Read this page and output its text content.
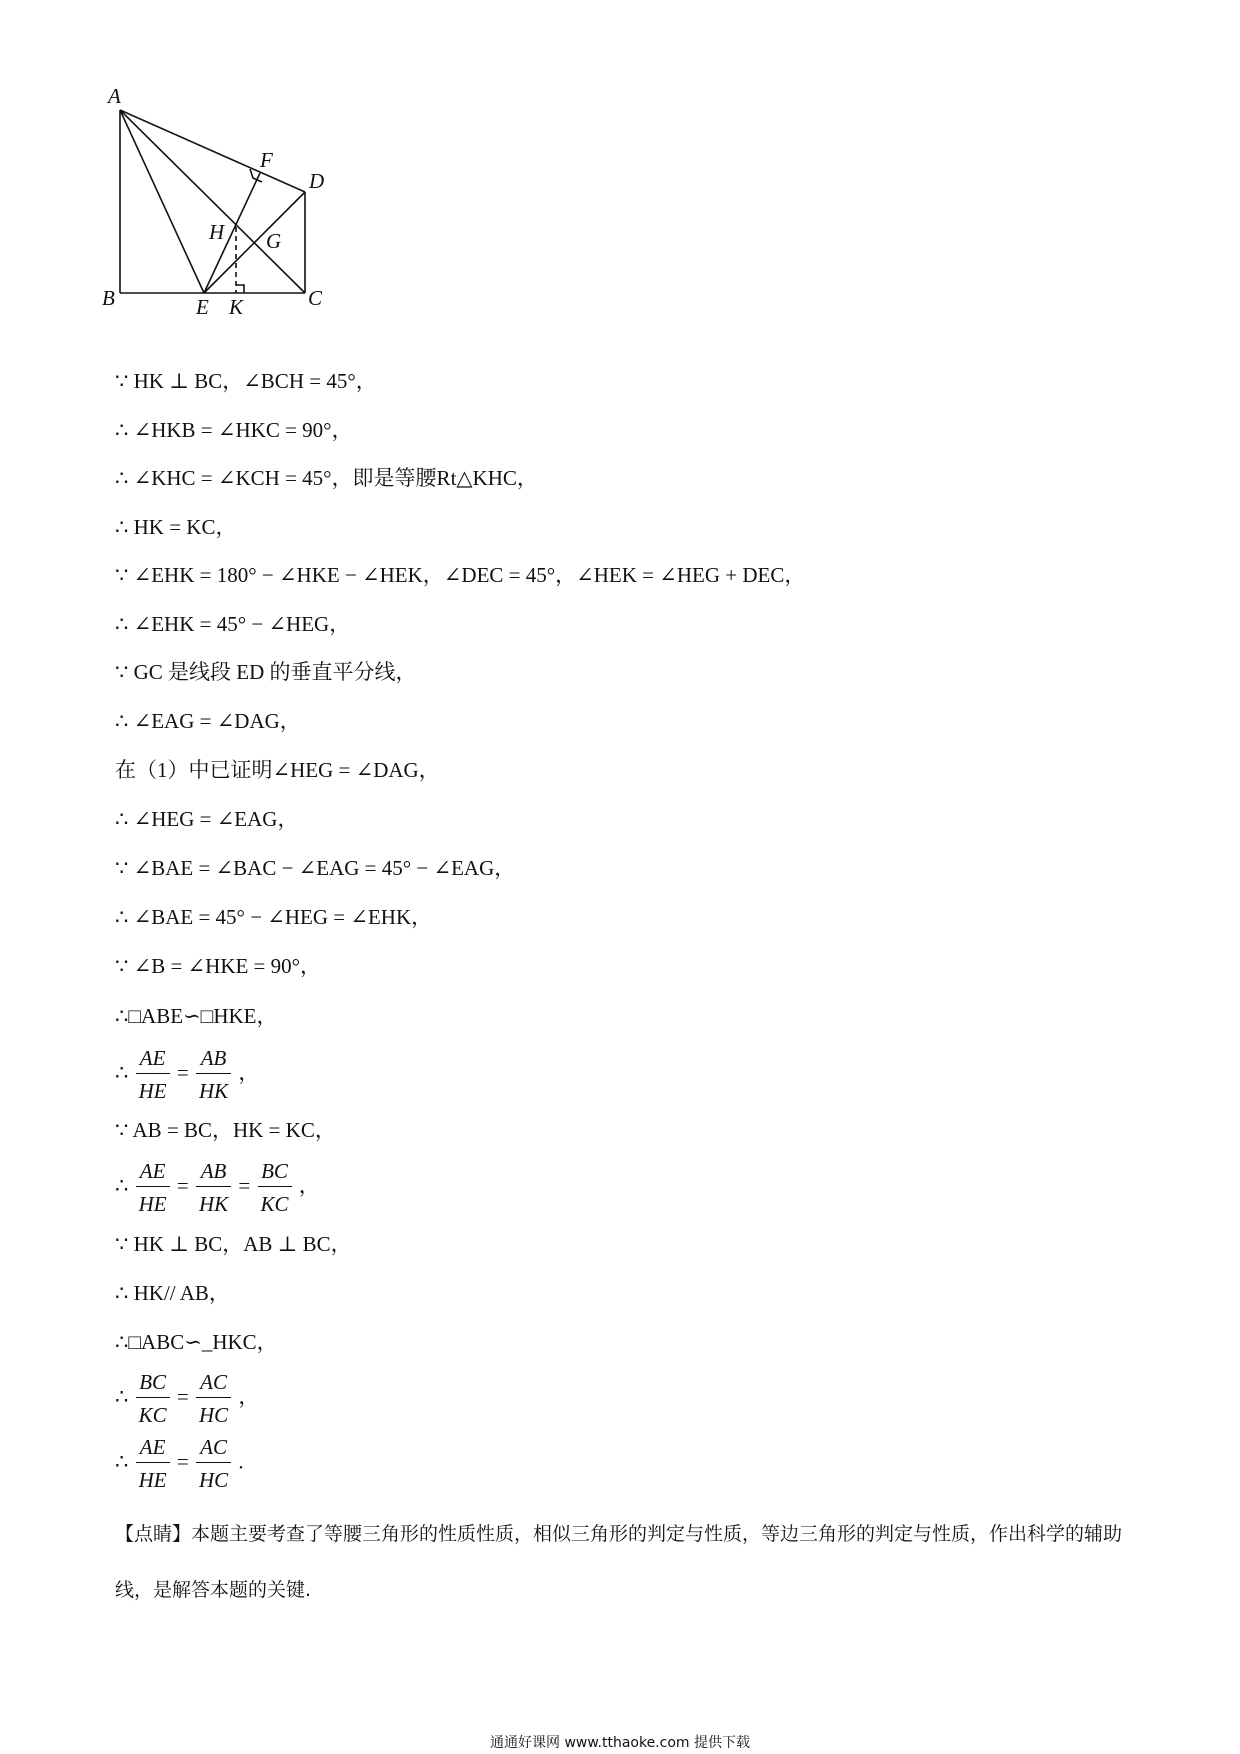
A
B	C
D
E
F
G
H
K
∵ HK ⊥ BC，∠BCH = 45°，
∴ ∠HKB = ∠HKC = 90°，
∴ ∠KHC = ∠KCH = 45°，即是等腰Rt△KHC，
∴ HK = KC，
∵ ∠EHK = 180° − ∠HKE − ∠HEK，∠DEC = 45°，∠HEK = ∠HEG + DEC，
∴ ∠EHK = 45° − ∠HEG，
∵ GC 是线段 ED 的垂直平分线，
∴ ∠EAG = ∠DAG，
在（1）中已证明∠HEG = ∠DAG，
∴ ∠HEG = ∠EAG，
∵ ∠BAE = ∠BAC − ∠EAG = 45° − ∠EAG，
∴ ∠BAE = 45° − ∠HEG = ∠EHK，
∵ ∠B = ∠HKE = 90°，
∴□ABE∽□HKE，
∴ $\frac{AE}{HE} = \frac{AB}{HK}$ ，
∵ AB = BC，HK = KC，
∴ $\frac{AE}{HE} = \frac{AB}{HK} = \frac{BC}{KC}$ ，
∵ HK ⊥ BC，AB ⊥ BC，
∴ HK// AB，
∴□ABC∽_HKC，
∴ $\frac{BC}{KC} = \frac{AC}{HC}$ ，
∴ $\frac{AE}{HE} = \frac{AC}{HC}$ .
【点睛】本题主要考查了等腰三角形的性质性质，相似三角形的判定与性质，等边三角形的判定与性质，作出科学的辅助线，是解答本题的关键.
通通好课网 www.tthaoke.com 提供下载
